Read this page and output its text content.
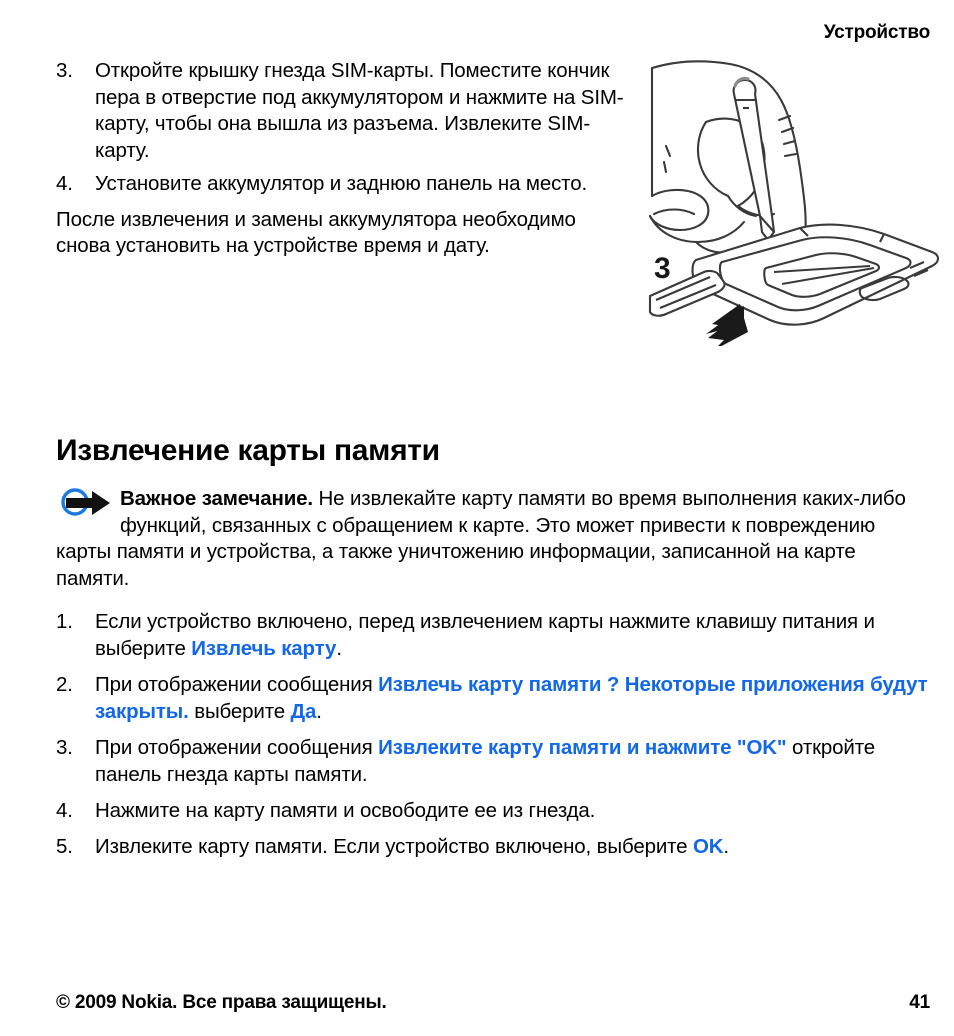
Устройство
3.	Откройте крышку гнезда SIM-карты. Поместите кончик пера в отверстие под аккумулятором и нажмите на SIM-карту, чтобы она вышла из разъема. Извлеките SIM-карту.
4.	Установите аккумулятор и заднюю панель на место.

После извлечения и замены аккумулятора необходимо снова установить на устройстве время и дату.

3
Извлечение карты памяти
Важное замечание. Не извлекайте карту памяти во время выполнения каких-либо функций, связанных с обращением к карте. Это может привести к повреждению карты памяти и устройства, а также уничтожению информации, записанной на карте памяти.
1.	Если устройство включено, перед извлечением карты нажмите клавишу питания и выберите Извлечь карту.
2.	При отображении сообщения Извлечь карту памяти ? Некоторые приложения будут закрыты. выберите Да.
3.	При отображении сообщения Извлеките карту памяти и нажмите "OK" откройте панель гнезда карты памяти.
4.	Нажмите на карту памяти и освободите ее из гнезда.
5.	Извлеките карту памяти. Если устройство включено, выберите OK.
© 2009 Nokia. Все права защищены.	41
